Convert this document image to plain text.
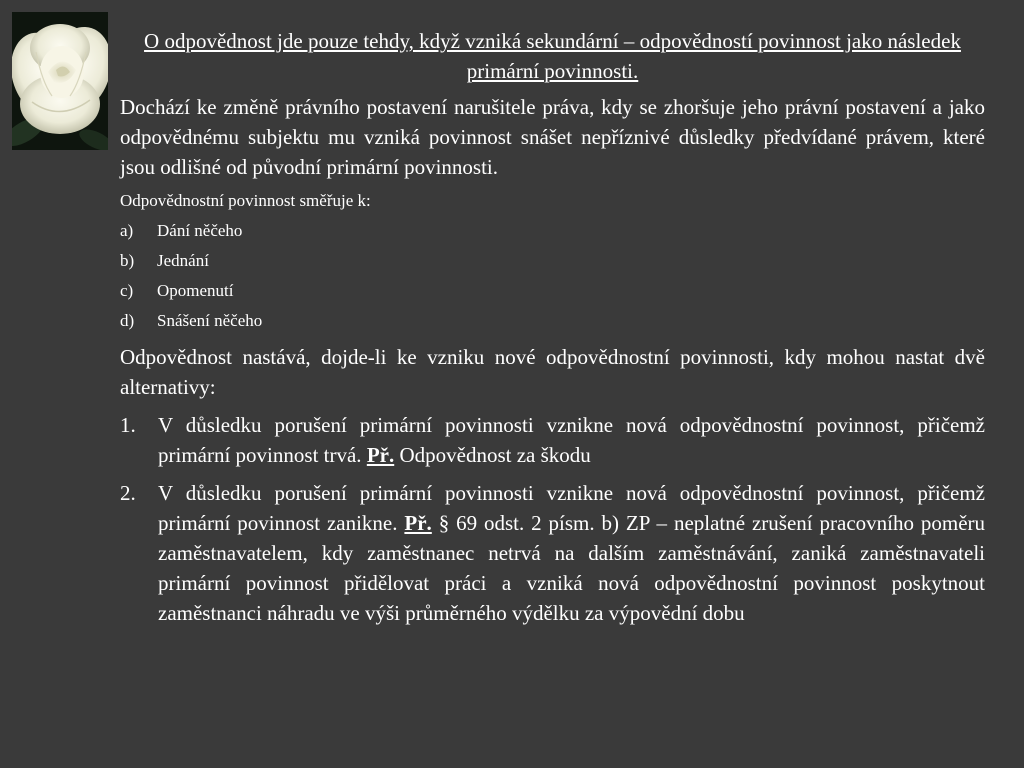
O odpovědnost jde pouze tehdy, když vzniká sekundární – odpovědností povinnost jako následek primární povinnosti.

Dochází ke změně právního postavení narušitele práva, kdy se zhoršuje jeho právní postavení a jako odpovědnému subjektu mu vzniká povinnost snášet nepříznivé důsledky předvídané právem, které jsou odlišné od původní primární povinnosti.

Odpovědnostní povinnost směřuje k:

a)	Dání něčeho
b)	Jednání
c)	Opomenutí
d)	Snášení něčeho

Odpovědnost nastává, dojde-li ke vzniku nové odpovědnostní povinnosti, kdy mohou nastat dvě alternativy:

1.	V důsledku porušení primární povinnosti vznikne nová odpovědnostní povinnost, přičemž primární povinnost trvá. Př. Odpovědnost za škodu
2.	V důsledku porušení primární povinnosti vznikne nová odpovědnostní povinnost, přičemž primární povinnost zanikne. Př. § 69 odst. 2 písm. b) ZP – neplatné zrušení pracovního poměru zaměstnavatelem, kdy zaměstnanec netrvá na dalším zaměstnávání, zaniká zaměstnavateli primární povinnost přidělovat práci a vzniká nová odpovědnostní povinnost poskytnout zaměstnanci náhradu ve výši průměrného výdělku za výpovědní dobu
